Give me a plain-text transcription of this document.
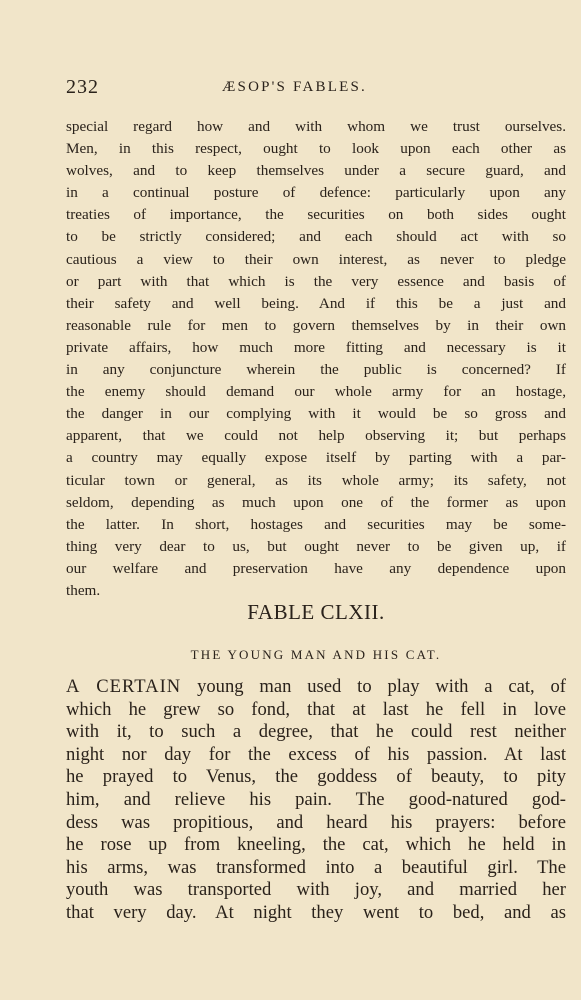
232	ÆSOP'S FABLES.
special regard how and with whom we trust ourselves.
Men, in this respect, ought to look upon each other as
wolves, and to keep themselves under a secure guard, and
in a continual posture of defence: particularly upon any
treaties of importance, the securities on both sides ought
to be strictly considered; and each should act with so
cautious a view to their own interest, as never to pledge
or part with that which is the very essence and basis of
their safety and well being. And if this be a just and
reasonable rule for men to govern themselves by in their own
private affairs, how much more fitting and necessary is it
in any conjuncture wherein the public is concerned? If
the enemy should demand our whole army for an hostage,
the danger in our complying with it would be so gross and
apparent, that we could not help observing it; but perhaps
a country may equally expose itself by parting with a par-
ticular town or general, as its whole army; its safety, not
seldom, depending as much upon one of the former as upon
the latter. In short, hostages and securities may be some-
thing very dear to us, but ought never to be given up, if
our welfare and preservation have any dependence upon
them.
FABLE CLXII.
THE YOUNG MAN AND HIS CAT.
A CERTAIN young man used to play with a cat, of
which he grew so fond, that at last he fell in love
with it, to such a degree, that he could rest neither
night nor day for the excess of his passion. At last
he prayed to Venus, the goddess of beauty, to pity
him, and relieve his pain. The good-natured god-
dess was propitious, and heard his prayers: before
he rose up from kneeling, the cat, which he held in
his arms, was transformed into a beautiful girl. The
youth was transported with joy, and married her
that very day. At night they went to bed, and as
